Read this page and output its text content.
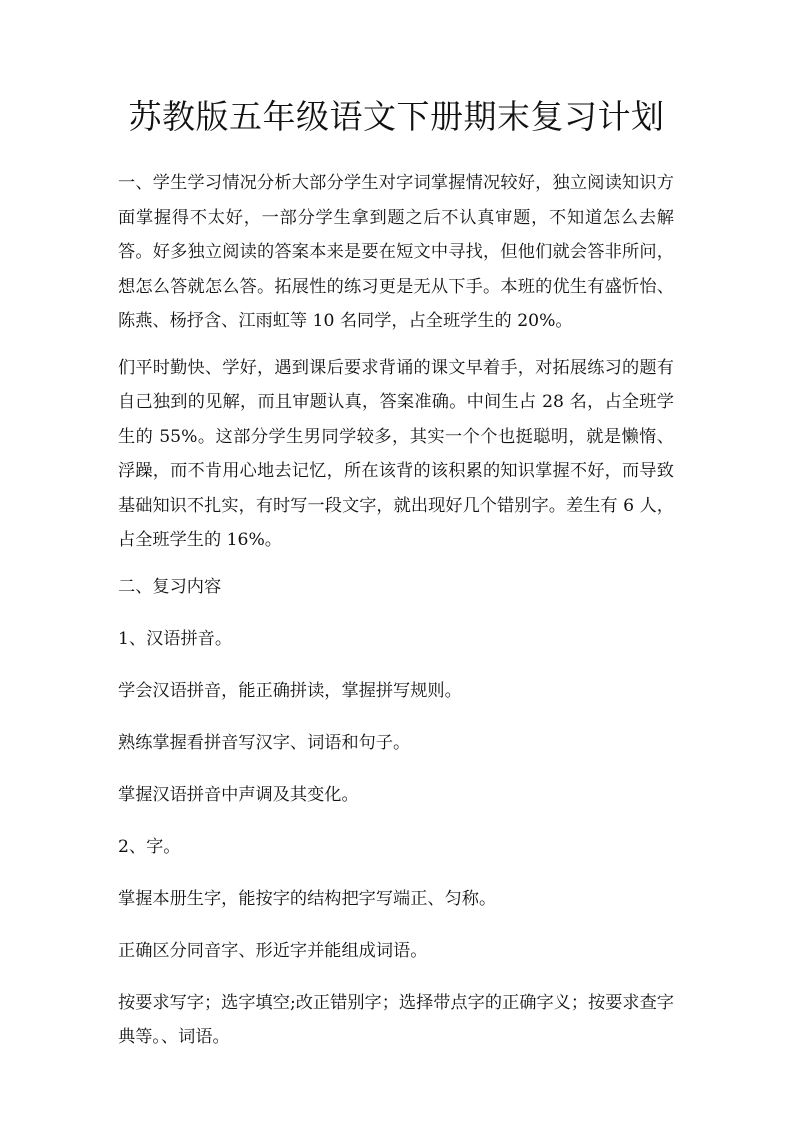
苏教版五年级语文下册期末复习计划

一、学生学习情况分析大部分学生对字词掌握情况较好，独立阅读知识方面掌握得不太好，一部分学生拿到题之后不认真审题，不知道怎么去解答。好多独立阅读的答案本来是要在短文中寻找，但他们就会答非所问，想怎么答就怎么答。拓展性的练习更是无从下手。本班的优生有盛忻怡、陈燕、杨抒含、江雨虹等 10 名同学，占全班学生的 20%。

们平时勤快、学好，遇到课后要求背诵的课文早着手，对拓展练习的题有自己独到的见解，而且审题认真，答案准确。中间生占 28 名，占全班学生的 55%。这部分学生男同学较多，其实一个个也挺聪明，就是懒惰、浮躁，而不肯用心地去记忆，所在该背的该积累的知识掌握不好，而导致基础知识不扎实，有时写一段文字，就出现好几个错别字。差生有 6 人，占全班学生的 16%。

二、复习内容

1、汉语拼音。

学会汉语拼音，能正确拼读，掌握拼写规则。

熟练掌握看拼音写汉字、词语和句子。

掌握汉语拼音中声调及其变化。

2、字。

掌握本册生字，能按字的结构把字写端正、匀称。

正确区分同音字、形近字并能组成词语。

按要求写字；选字填空;改正错别字；选择带点字的正确字义；按要求查字典等。、词语。
